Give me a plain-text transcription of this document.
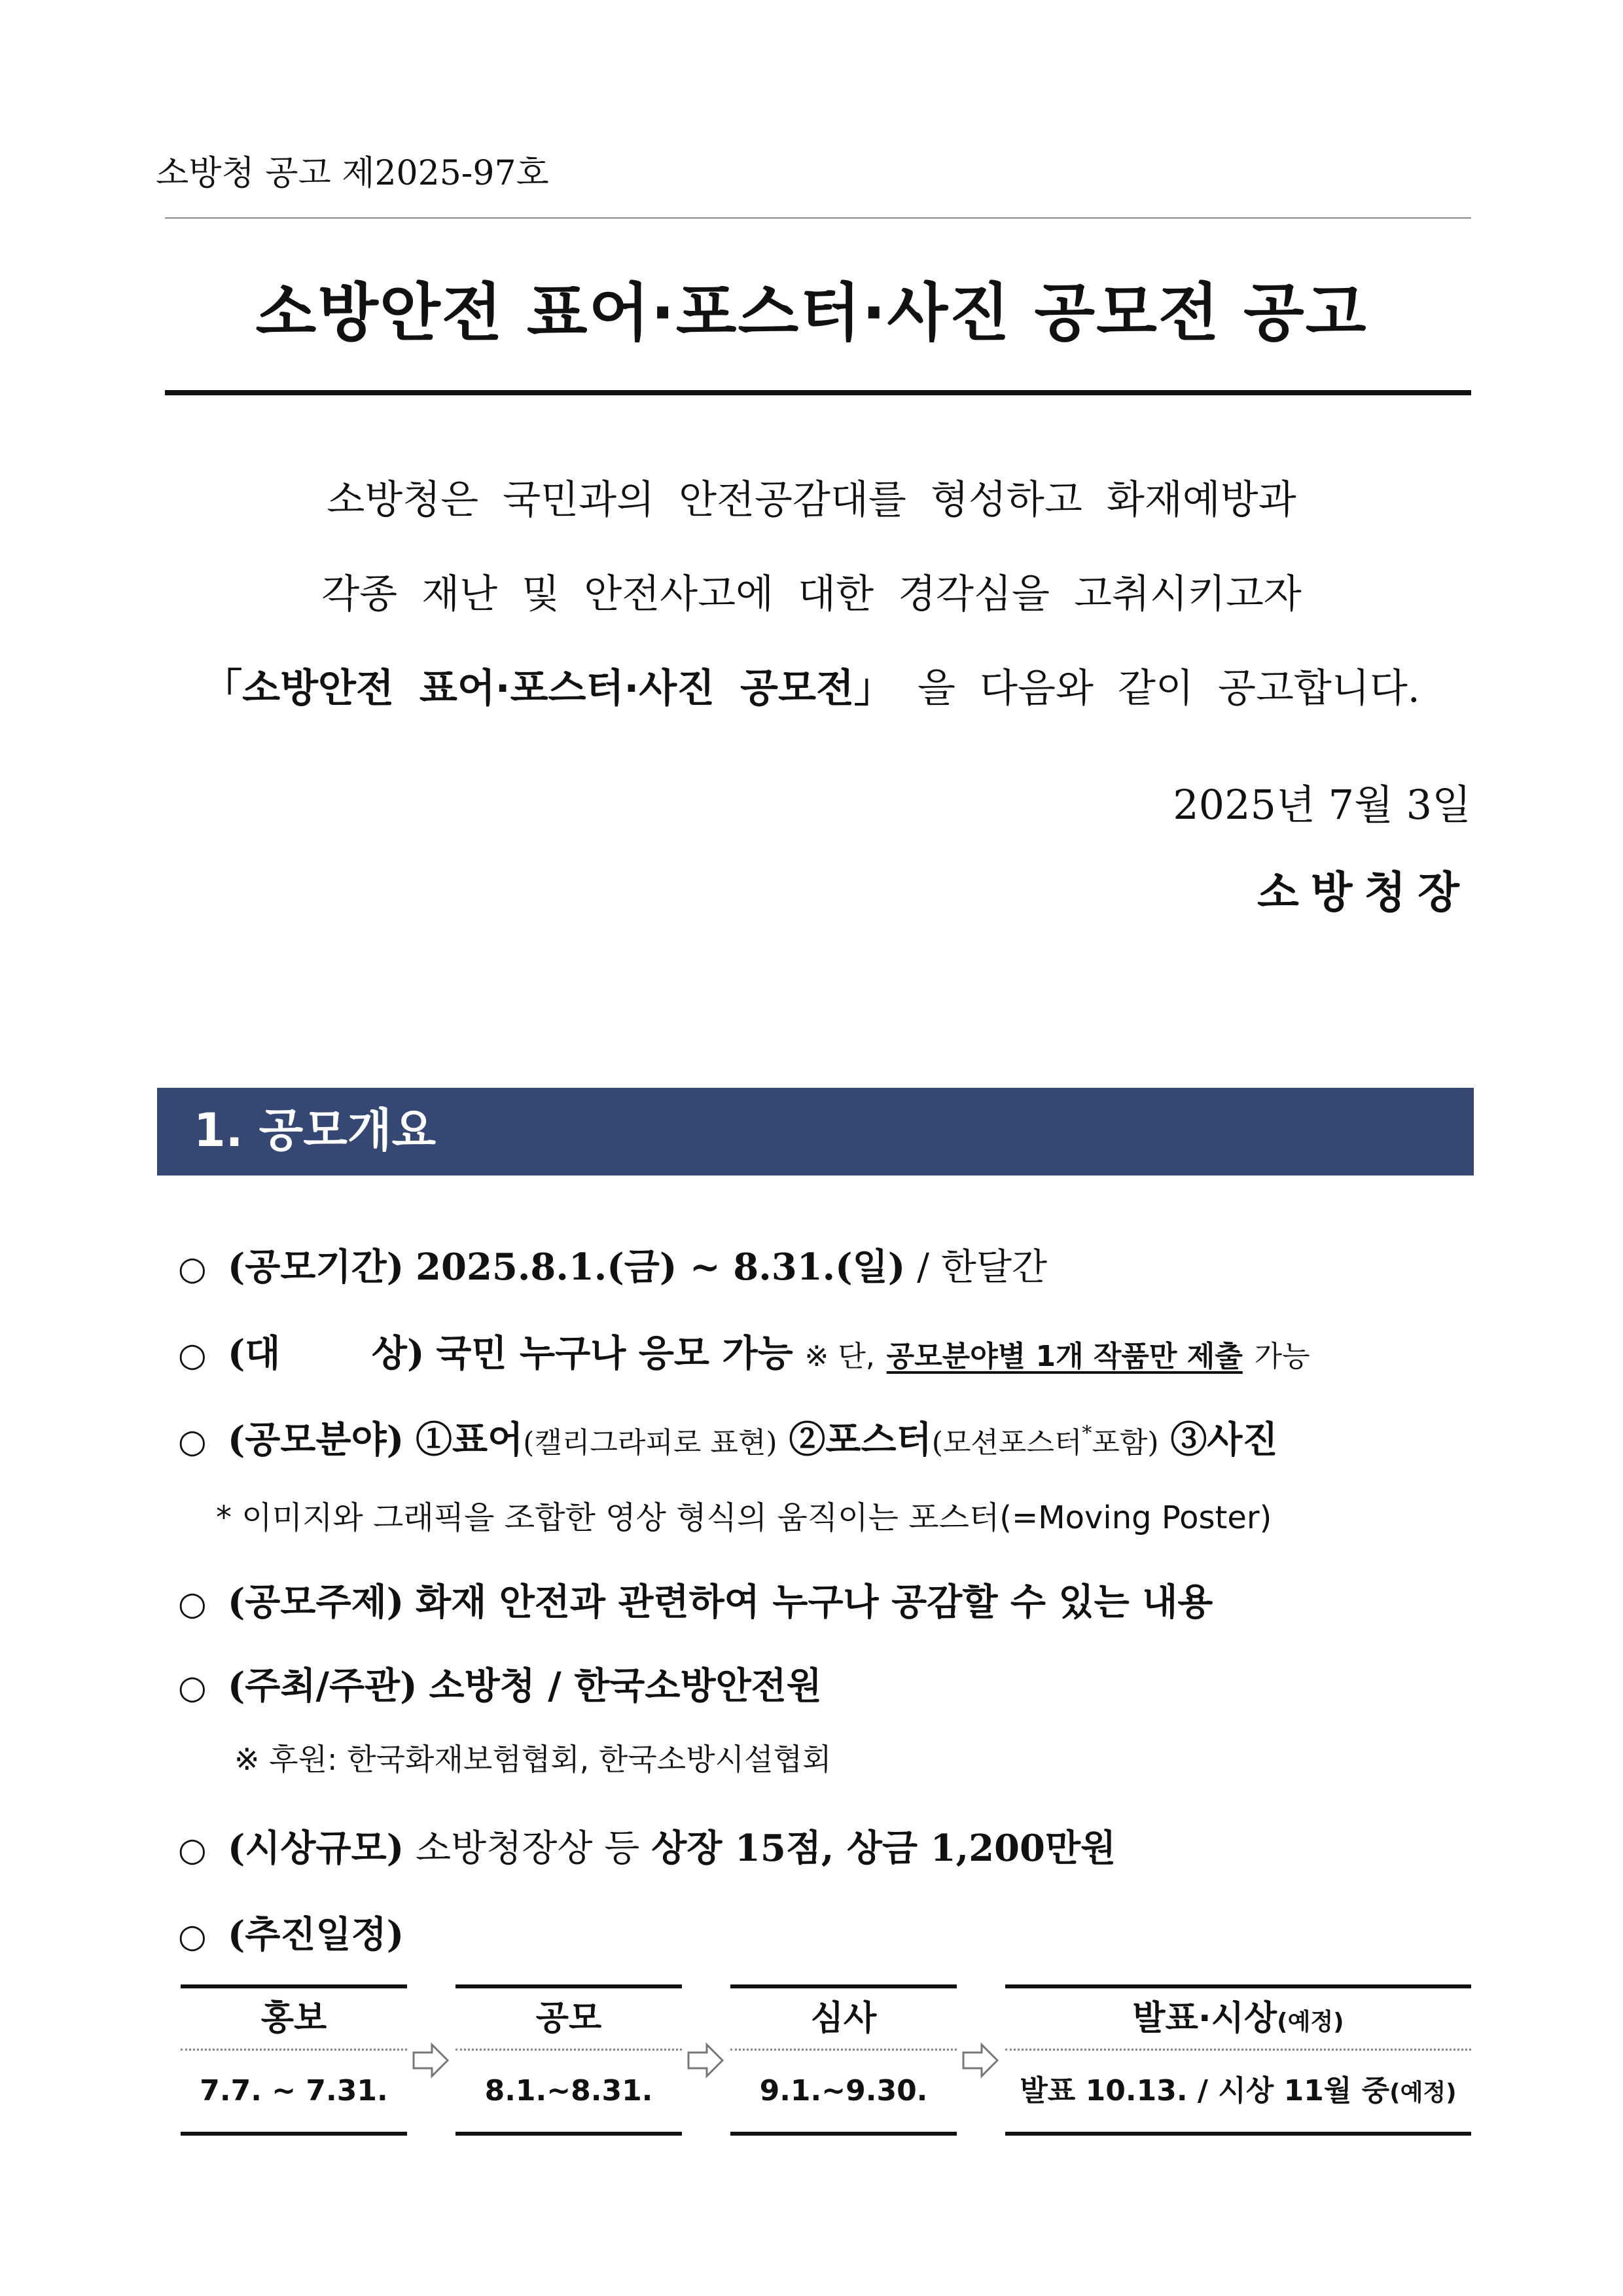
소방청 공고 제2025-97호
소방안전 표어·포스터·사진 공모전 공고
소방청은 국민과의 안전공감대를 형성하고 화재예방과
각종 재난 및 안전사고에 대한 경각심을 고취시키고자
「소방안전 표어·포스터·사진 공모전」 을 다음와 같이 공고합니다.
2025년 7월 3일
소방청장
1. 공모개요
○ (공모기간) 2025.8.1.(금) ~ 8.31.(일) / 한달간
○ (대 상) 국민 누구나 응모 가능 ※ 단, 공모분야별 1개 작품만 제출 가능
○ (공모분야) ①표어(캘리그라피로 표현) ②포스터(모션포스터*포함) ③사진
* 이미지와 그래픽을 조합한 영상 형식의 움직이는 포스터(=Moving Poster)
○ (공모주제) 화재 안전과 관련하여 누구나 공감할 수 있는 내용
○ (주최/주관) 소방청 / 한국소방안전원
※ 후원: 한국화재보험협회, 한국소방시설협회
○ (시상규모) 소방청장상 등 상장 15점, 상금 1,200만원
○ (추진일정)
홍보
7.7. ~ 7.31.
공모
8.1.~8.31.
심사
9.1.~9.30.
발표·시상(예정)
발표 10.13. / 시상 11월 중(예정)
